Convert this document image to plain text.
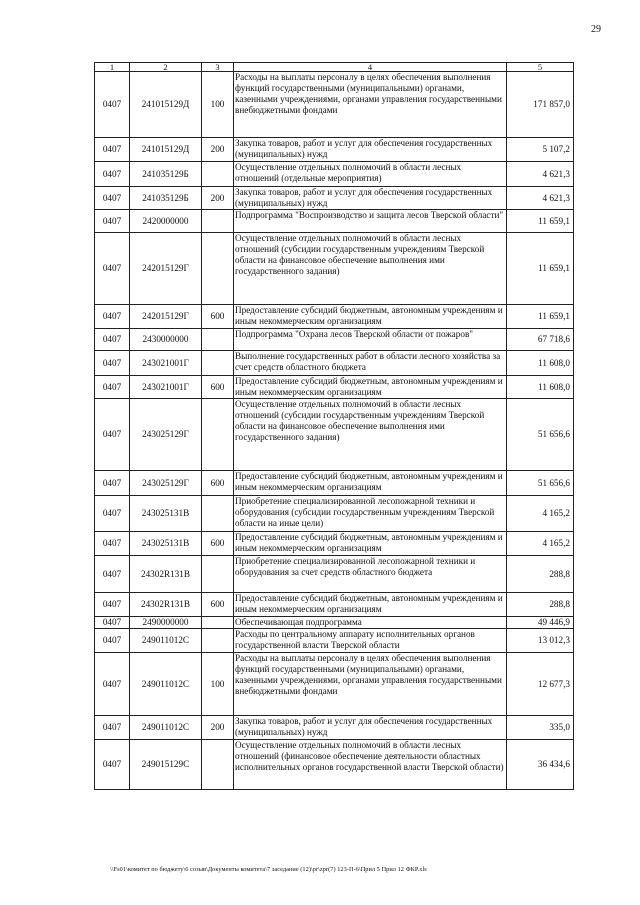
29
1	2	3	4	5
0407	241015129Д	100	Расходы на выплаты персоналу в целях обеспечения выполнения функций государственными (муниципальными) органами, казенными учреждениями, органами управления государственными внебюджетными фондами	171 857,0
0407	241015129Д	200	Закупка товаров, работ и услуг для обеспечения государственных (муниципальных) нужд	5 107,2
0407	241035129Б		Осуществление отдельных полномочий в области лесных отношений (отдельные мероприятия)	4 621,3
0407	241035129Б	200	Закупка товаров, работ и услуг для обеспечения государственных (муниципальных) нужд	4 621,3
0407	2420000000		Подпрограмма "Воспроизводство и защита лесов Тверской области"	11 659,1
0407	242015129Г		Осуществление отдельных полномочий в области лесных отношений (субсидии государственным учреждениям Тверской области на финансовое обеспечение выполнения ими государственного задания)	11 659,1
0407	242015129Г	600	Предоставление субсидий бюджетным, автономным учреждениям и иным некоммерческим организациям	11 659,1
0407	2430000000		Подпрограмма "Охрана лесов Тверской области от пожаров"	67 718,6
0407	243021001Г		Выполнение государственных работ в области лесного хозяйства за счет средств областного бюджета	11 608,0
0407	243021001Г	600	Предоставление субсидий бюджетным, автономным учреждениям и иным некоммерческим организациям	11 608,0
0407	243025129Г		Осуществление отдельных полномочий в области лесных отношений (субсидии государственным учреждениям Тверской области на финансовое обеспечение выполнения ими государственного задания)	51 656,6
0407	243025129Г	600	Предоставление субсидий бюджетным, автономным учреждениям и иным некоммерческим организациям	51 656,6
0407	243025131В		Приобретение специализированной лесопожарной техники и оборудования (субсидии государственным учреждениям Тверской области на иные цели)	4 165,2
0407	243025131В	600	Предоставление субсидий бюджетным, автономным учреждениям и иным некоммерческим организациям	4 165,2
0407	24302R131В		Приобретение специализированной лесопожарной техники и оборудования за счет средств областного бюджета	288,8
0407	24302R131В	600	Предоставление субсидий бюджетным, автономным учреждениям и иным некоммерческим организациям	288,8
0407	2490000000		Обеспечивающая подпрограмма	49 446,9
0407	249011012С		Расходы по центральному аппарату исполнительных органов государственной власти Тверской области	13 012,3
0407	249011012С	100	Расходы на выплаты персоналу в целях обеспечения выполнения функций государственными (муниципальными) органами, казенными учреждениями, органами управления государственными внебюджетными фондами	12 677,3
0407	249011012С	200	Закупка товаров, работ и услуг для обеспечения государственных (муниципальных) нужд	335,0
0407	249015129С		Осуществление отдельных полномочий в области лесных отношений (финансовое обеспечение деятельности областных исполнительных органов государственной власти Тверской области)	36 434,6
\\Fs01\комитет по бюджету\6 созыв\Документы комитета\7 заседание (12)\pr\zpr(7) 123-П-6\Прил 5 Прил 12 ФКР.xls
